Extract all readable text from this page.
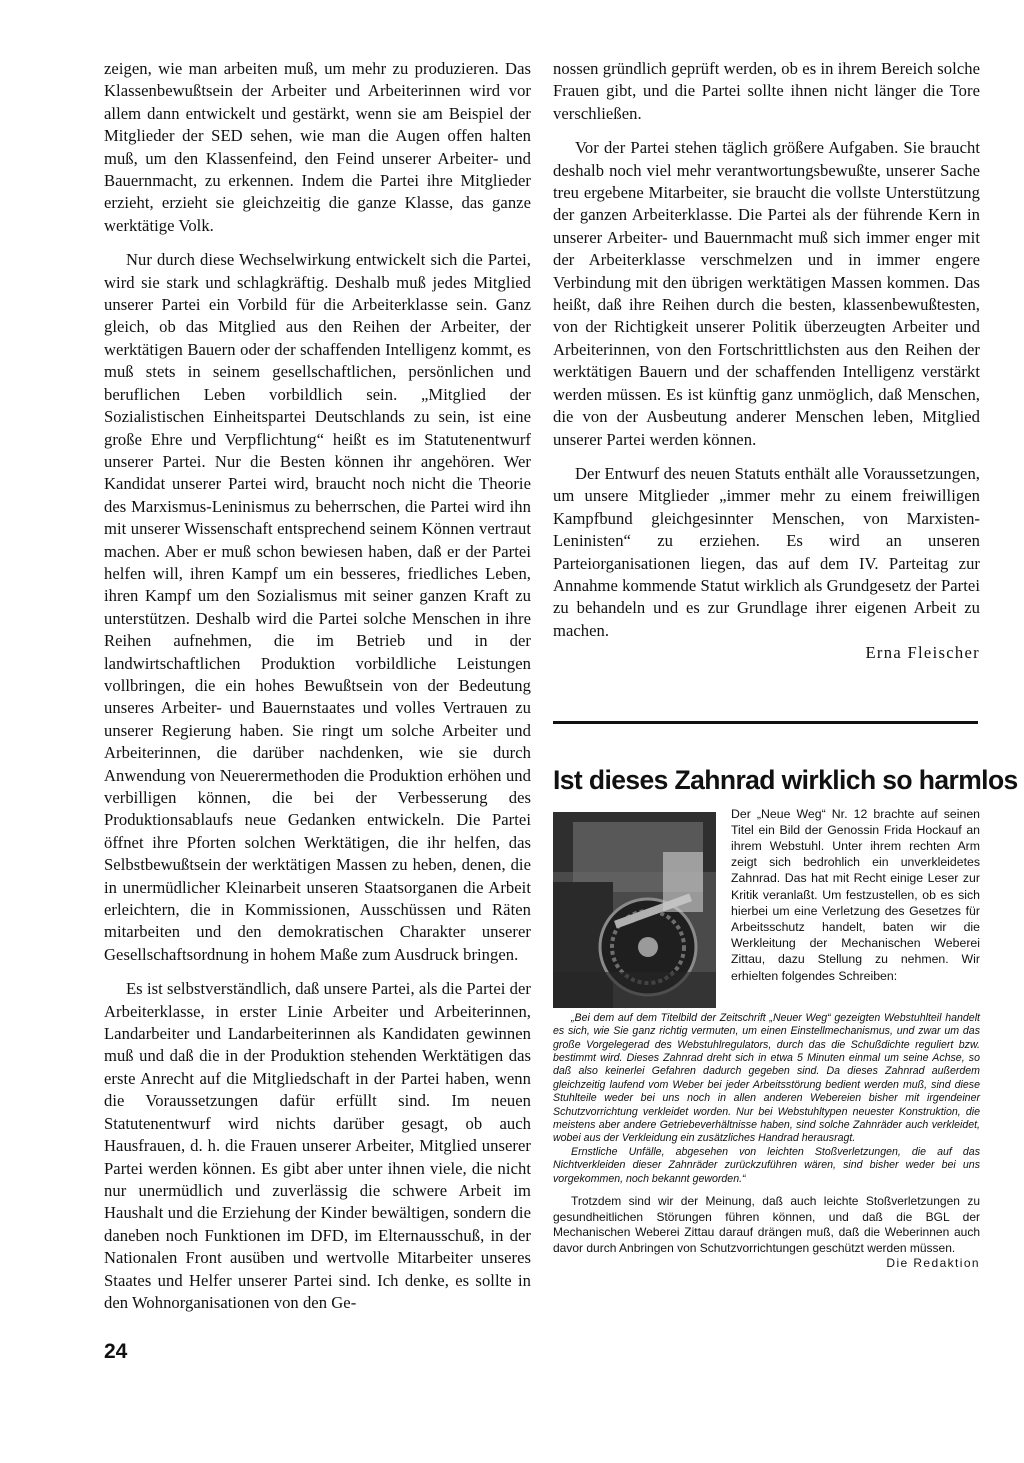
zeigen, wie man arbeiten muß, um mehr zu produzieren. Das Klassenbewußtsein der Arbeiter und Arbeiterinnen wird vor allem dann entwickelt und gestärkt, wenn sie am Beispiel der Mitglieder der SED sehen, wie man die Augen offen halten muß, um den Klassenfeind, den Feind unserer Arbeiter- und Bauernmacht, zu erkennen. Indem die Partei ihre Mitglieder erzieht, erzieht sie gleichzeitig die ganze Klasse, das ganze werktätige Volk.

Nur durch diese Wechselwirkung entwickelt sich die Partei, wird sie stark und schlagkräftig. Deshalb muß jedes Mitglied unserer Partei ein Vorbild für die Arbeiterklasse sein. Ganz gleich, ob das Mitglied aus den Reihen der Arbeiter, der werktätigen Bauern oder der schaffenden Intelligenz kommt, es muß stets in seinem gesellschaftlichen, persönlichen und beruflichen Leben vorbildlich sein. „Mitglied der Sozialistischen Einheitspartei Deutschlands zu sein, ist eine große Ehre und Verpflichtung“ heißt es im Statutenentwurf unserer Partei. Nur die Besten können ihr angehören. Wer Kandidat unserer Partei wird, braucht noch nicht die Theorie des Marxismus-Leninismus zu beherrschen, die Partei wird ihn mit unserer Wissenschaft entsprechend seinem Können vertraut machen. Aber er muß schon bewiesen haben, daß er der Partei helfen will, ihren Kampf um ein besseres, friedliches Leben, ihren Kampf um den Sozialismus mit seiner ganzen Kraft zu unterstützen. Deshalb wird die Partei solche Menschen in ihre Reihen aufnehmen, die im Betrieb und in der landwirtschaftlichen Produktion vorbildliche Leistungen vollbringen, die ein hohes Bewußtsein von der Bedeutung unseres Arbeiter- und Bauernstaates und volles Vertrauen zu unserer Regierung haben. Sie ringt um solche Arbeiter und Arbeiterinnen, die darüber nachdenken, wie sie durch Anwendung von Neuerermethoden die Produktion erhöhen und verbilligen können, die bei der Verbesserung des Produktionsablaufs neue Gedanken entwickeln. Die Partei öffnet ihre Pforten solchen Werktätigen, die ihr helfen, das Selbstbewußtsein der werktätigen Massen zu heben, denen, die in unermüdlicher Kleinarbeit unseren Staatsorganen die Arbeit erleichtern, die in Kommissionen, Ausschüssen und Räten mitarbeiten und den demokratischen Charakter unserer Gesellschaftsordnung in hohem Maße zum Ausdruck bringen.

Es ist selbstverständlich, daß unsere Partei, als die Partei der Arbeiterklasse, in erster Linie Arbeiter und Arbeiterinnen, Landarbeiter und Landarbeiterinnen als Kandidaten gewinnen muß und daß die in der Produktion stehenden Werktätigen das erste Anrecht auf die Mitgliedschaft in der Partei haben, wenn die Voraussetzungen dafür erfüllt sind. Im neuen Statutenentwurf wird nichts darüber gesagt, ob auch Hausfrauen, d. h. die Frauen unserer Arbeiter, Mitglied unserer Partei werden können. Es gibt aber unter ihnen viele, die nicht nur unermüdlich und zuverlässig die schwere Arbeit im Haushalt und die Erziehung der Kinder bewältigen, sondern die daneben noch Funktionen im DFD, im Elternausschuß, in der Nationalen Front ausüben und wertvolle Mitarbeiter unseres Staates und Helfer unserer Partei sind. Ich denke, es sollte in den Wohnorganisationen von den Ge-

nossen gründlich geprüft werden, ob es in ihrem Bereich solche Frauen gibt, und die Partei sollte ihnen nicht länger die Tore verschließen.

Vor der Partei stehen täglich größere Aufgaben. Sie braucht deshalb noch viel mehr verantwortungsbewußte, unserer Sache treu ergebene Mitarbeiter, sie braucht die vollste Unterstützung der ganzen Arbeiterklasse. Die Partei als der führende Kern in unserer Arbeiter- und Bauernmacht muß sich immer enger mit der Arbeiterklasse verschmelzen und in immer engere Verbindung mit den übrigen werktätigen Massen kommen. Das heißt, daß ihre Reihen durch die besten, klassenbewußtesten, von der Richtigkeit unserer Politik überzeugten Arbeiter und Arbeiterinnen, von den Fortschrittlichsten aus den Reihen der werktätigen Bauern und der schaffenden Intelligenz verstärkt werden müssen. Es ist künftig ganz unmöglich, daß Menschen, die von der Ausbeutung anderer Menschen leben, Mitglied unserer Partei werden können.

Der Entwurf des neuen Statuts enthält alle Voraussetzungen, um unsere Mitglieder „immer mehr zu einem freiwilligen Kampfbund gleichgesinnter Menschen, von Marxisten-Leninisten“ zu erziehen. Es wird an unseren Parteiorganisationen liegen, das auf dem IV. Parteitag zur Annahme kommende Statut wirklich als Grundgesetz der Partei zu behandeln und es zur Grundlage ihrer eigenen Arbeit zu machen.

Erna Fleischer

Ist dieses Zahnrad wirklich so harmlos

Der „Neue Weg“ Nr. 12 brachte auf seinen Titel ein Bild der Genossin Frida Hockauf an ihrem Webstuhl. Unter ihrem rechten Arm zeigt sich bedrohlich ein unverkleidetes Zahnrad. Das hat mit Recht einige Leser zur Kritik veranlaßt. Um festzustellen, ob es sich hierbei um eine Verletzung des Gesetzes für Arbeitsschutz handelt, baten wir die Werkleitung der Mechanischen Weberei Zittau, dazu Stellung zu nehmen. Wir erhielten folgendes Schreiben:

„Bei dem auf dem Titelbild der Zeitschrift „Neuer Weg“ gezeigten Webstuhlteil handelt es sich, wie Sie ganz richtig vermuten, um einen Einstellmechanismus, und zwar um das große Vorgelegerad des Webstuhlregulators, durch das die Schußdichte reguliert bzw. bestimmt wird. Dieses Zahnrad dreht sich in etwa 5 Minuten einmal um seine Achse, so daß also keinerlei Gefahren dadurch gegeben sind. Da dieses Zahnrad außerdem gleichzeitig laufend vom Weber bei jeder Arbeitsstörung bedient werden muß, sind diese Stuhlteile weder bei uns noch in allen anderen Webereien bisher mit irgendeiner Schutzvorrichtung verkleidet worden. Nur bei Webstuhltypen neuester Konstruktion, die meistens aber andere Getriebeverhältnisse haben, sind solche Zahnräder auch verkleidet, wobei aus der Verkleidung ein zusätzliches Handrad herausragt.

Ernstliche Unfälle, abgesehen von leichten Stoßverletzungen, die auf das Nichtverkleiden dieser Zahnräder zurückzuführen wären, sind bisher weder bei uns vorgekommen, noch bekannt geworden.“

Trotzdem sind wir der Meinung, daß auch leichte Stoßverletzungen zu gesundheitlichen Störungen führen können, und daß die BGL der Mechanischen Weberei Zittau darauf drängen muß, daß die Weberinnen auch davor durch Anbringen von Schutzvorrichtungen geschützt werden müssen.

Die Redaktion

24
